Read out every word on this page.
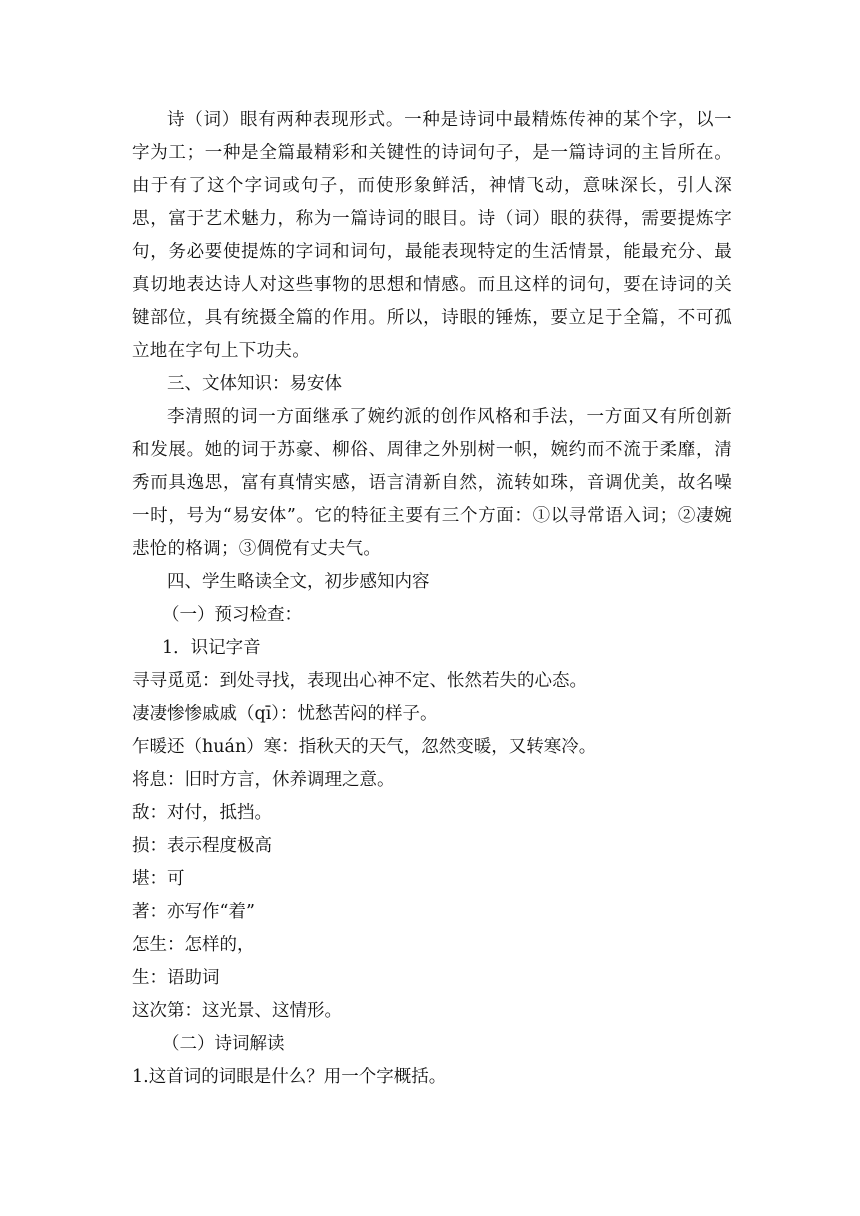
诗（词）眼有两种表现形式。一种是诗词中最精炼传神的某个字，以一字为工；一种是全篇最精彩和关键性的诗词句子，是一篇诗词的主旨所在。由于有了这个字词或句子，而使形象鲜活，神情飞动，意味深长，引人深思，富于艺术魅力，称为一篇诗词的眼目。诗（词）眼的获得，需要提炼字句，务必要使提炼的字词和词句，最能表现特定的生活情景，能最充分、最真切地表达诗人对这些事物的思想和情感。而且这样的词句，要在诗词的关键部位，具有统摄全篇的作用。所以，诗眼的锤炼，要立足于全篇，不可孤立地在字句上下功夫。

三、文体知识：易安体

李清照的词一方面继承了婉约派的创作风格和手法，一方面又有所创新和发展。她的词于苏豪、柳俗、周律之外别树一帜，婉约而不流于柔靡，清秀而具逸思，富有真情实感，语言清新自然，流转如珠，音调优美，故名噪一时，号为“易安体”。它的特征主要有三个方面：①以寻常语入词；②凄婉悲怆的格调；③倜傥有丈夫气。

四、学生略读全文，初步感知内容

（一）预习检查：

1．识记字音

寻寻觅觅：到处寻找，表现出心神不定、怅然若失的心态。

凄凄惨惨戚戚（qī）：忧愁苦闷的样子。

乍暖还（huán）寒：指秋天的天气，忽然变暖，又转寒冷。

将息：旧时方言，休养调理之意。

敌：对付，抵挡。

损：表示程度极高

堪：可

著：亦写作“着”

怎生：怎样的，

生：语助词

这次第：这光景、这情形。

（二）诗词解读

1.这首词的词眼是什么？用一个字概括。
